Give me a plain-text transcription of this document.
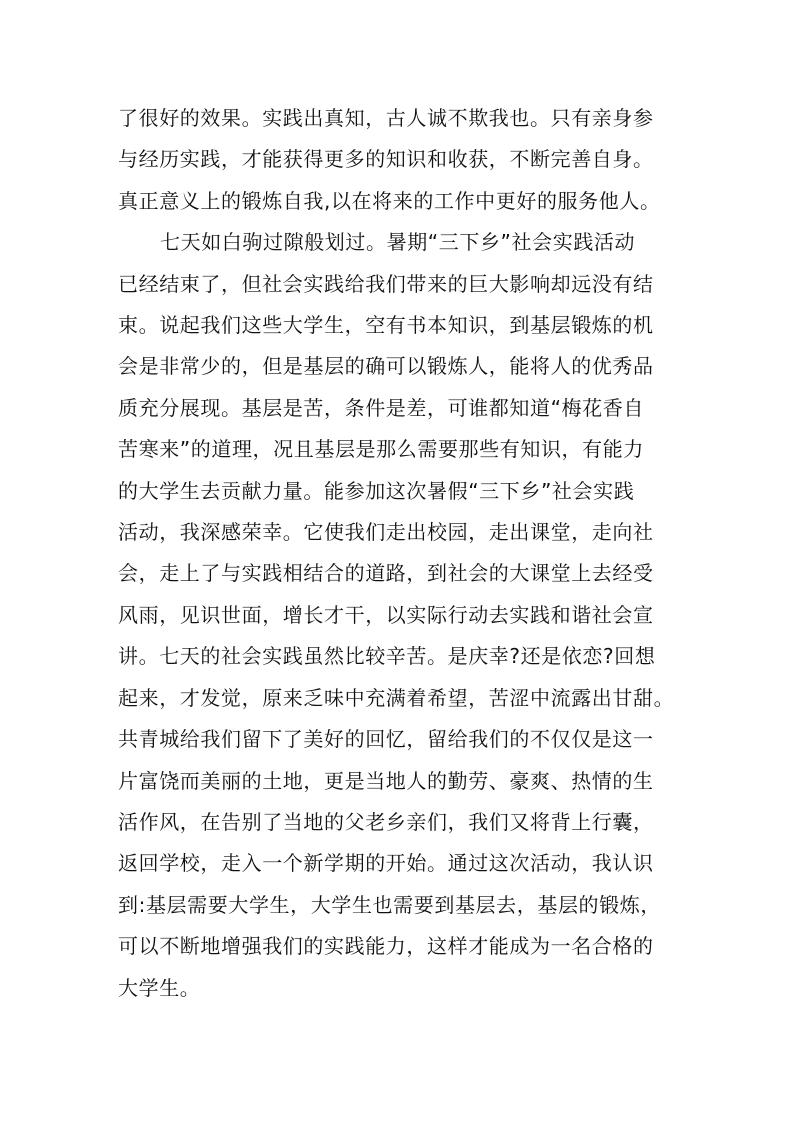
了很好的效果。实践出真知，古人诚不欺我也。只有亲身参
与经历实践，才能获得更多的知识和收获，不断完善自身。
真正意义上的锻炼自我,以在将来的工作中更好的服务他人。
七天如白驹过隙般划过。暑期“三下乡”社会实践活动
已经结束了，但社会实践给我们带来的巨大影响却远没有结
束。说起我们这些大学生，空有书本知识，到基层锻炼的机
会是非常少的，但是基层的确可以锻炼人，能将人的优秀品
质充分展现。基层是苦，条件是差，可谁都知道“梅花香自
苦寒来”的道理，况且基层是那么需要那些有知识，有能力
的大学生去贡献力量。能参加这次暑假“三下乡”社会实践
活动，我深感荣幸。它使我们走出校园，走出课堂，走向社
会，走上了与实践相结合的道路，到社会的大课堂上去经受
风雨，见识世面，增长才干，以实际行动去实践和谐社会宣
讲。七天的社会实践虽然比较辛苦。是庆幸?还是依恋?回想
起来，才发觉，原来乏味中充满着希望，苦涩中流露出甘甜。
共青城给我们留下了美好的回忆，留给我们的不仅仅是这一
片富饶而美丽的土地，更是当地人的勤劳、豪爽、热情的生
活作风，在告别了当地的父老乡亲们，我们又将背上行囊，
返回学校，走入一个新学期的开始。通过这次活动，我认识
到:基层需要大学生，大学生也需要到基层去，基层的锻炼，
可以不断地增强我们的实践能力，这样才能成为一名合格的
大学生。
